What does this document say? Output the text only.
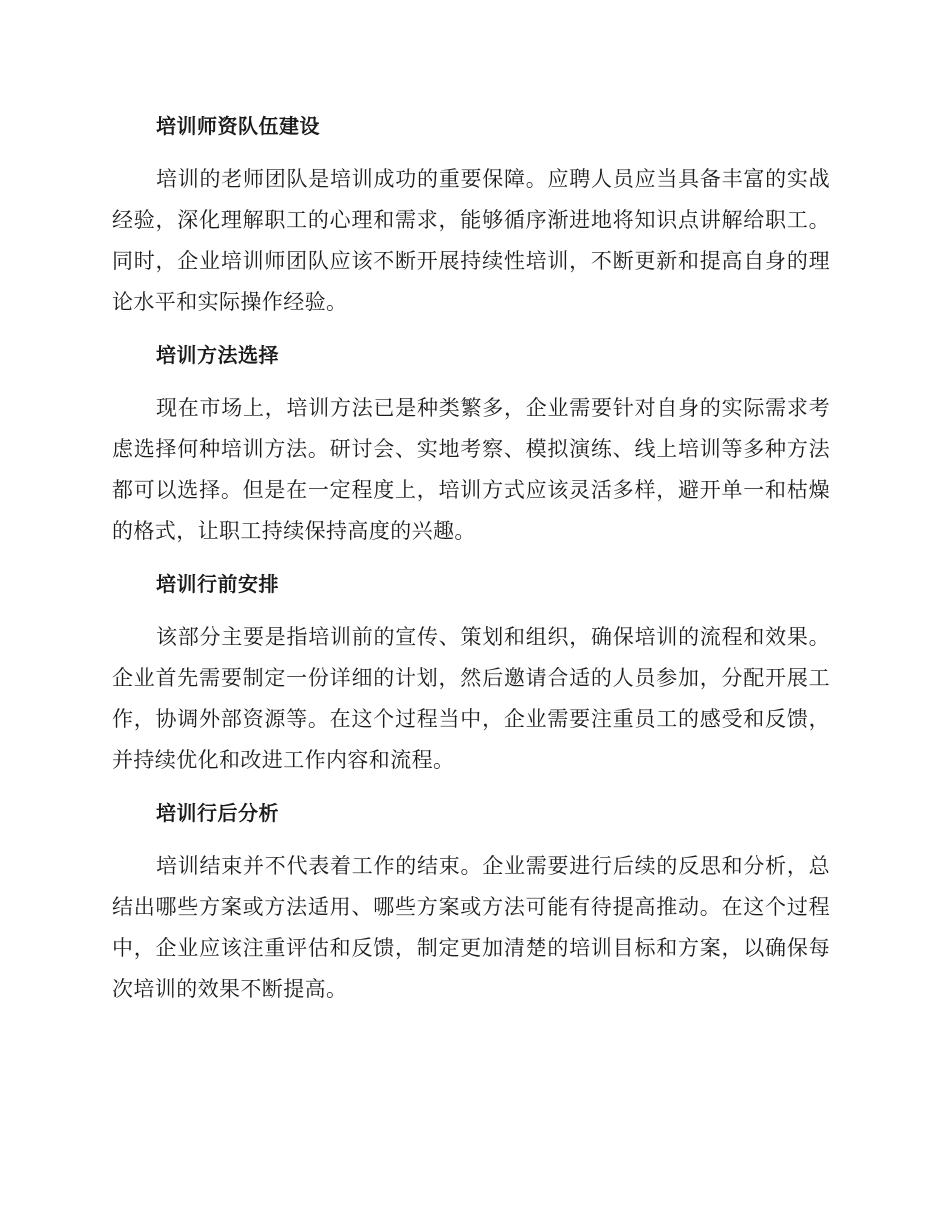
培训师资队伍建设

培训的老师团队是培训成功的重要保障。应聘人员应当具备丰富的实战经验，深化理解职工的心理和需求，能够循序渐进地将知识点讲解给职工。同时，企业培训师团队应该不断开展持续性培训，不断更新和提高自身的理论水平和实际操作经验。

培训方法选择

现在市场上，培训方法已是种类繁多，企业需要针对自身的实际需求考虑选择何种培训方法。研讨会、实地考察、模拟演练、线上培训等多种方法都可以选择。但是在一定程度上，培训方式应该灵活多样，避开单一和枯燥的格式，让职工持续保持高度的兴趣。

培训行前安排

该部分主要是指培训前的宣传、策划和组织，确保培训的流程和效果。企业首先需要制定一份详细的计划，然后邀请合适的人员参加，分配开展工作，协调外部资源等。在这个过程当中，企业需要注重员工的感受和反馈，并持续优化和改进工作内容和流程。

培训行后分析

培训结束并不代表着工作的结束。企业需要进行后续的反思和分析，总结出哪些方案或方法适用、哪些方案或方法可能有待提高推动。在这个过程中，企业应该注重评估和反馈，制定更加清楚的培训目标和方案，以确保每次培训的效果不断提高。
